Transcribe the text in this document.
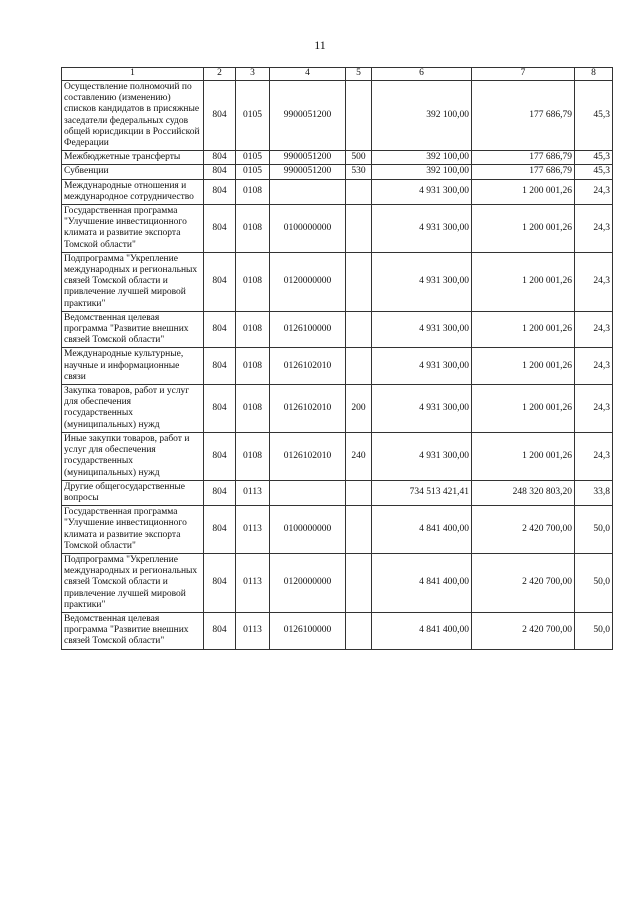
11
1	2	3	4	5	6	7	8
Осуществление полномочий по составлению (изменению) списков кандидатов в присяжные заседатели федеральных судов общей юрисдикции в Российской Федерации	804	0105	9900051200		392 100,00	177 686,79	45,3
Межбюджетные трансферты	804	0105	9900051200	500	392 100,00	177 686,79	45,3
Субвенции	804	0105	9900051200	530	392 100,00	177 686,79	45,3
Международные отношения и международное сотрудничество	804	0108			4 931 300,00	1 200 001,26	24,3
Государственная программа "Улучшение инвестиционного климата и развитие экспорта Томской области"	804	0108	0100000000		4 931 300,00	1 200 001,26	24,3
Подпрограмма "Укрепление международных и региональных связей Томской области и привлечение лучшей мировой практики"	804	0108	0120000000		4 931 300,00	1 200 001,26	24,3
Ведомственная целевая программа "Развитие внешних связей Томской области"	804	0108	0126100000		4 931 300,00	1 200 001,26	24,3
Международные культурные, научные и информационные связи	804	0108	0126102010		4 931 300,00	1 200 001,26	24,3
Закупка товаров, работ и услуг для обеспечения государственных (муниципальных) нужд	804	0108	0126102010	200	4 931 300,00	1 200 001,26	24,3
Иные закупки товаров, работ и услуг для обеспечения государственных (муниципальных) нужд	804	0108	0126102010	240	4 931 300,00	1 200 001,26	24,3
Другие общегосударственные вопросы	804	0113			734 513 421,41	248 320 803,20	33,8
Государственная программа "Улучшение инвестиционного климата и развитие экспорта Томской области"	804	0113	0100000000		4 841 400,00	2 420 700,00	50,0
Подпрограмма "Укрепление международных и региональных связей Томской области и привлечение лучшей мировой практики"	804	0113	0120000000		4 841 400,00	2 420 700,00	50,0
Ведомственная целевая программа "Развитие внешних связей Томской области"	804	0113	0126100000		4 841 400,00	2 420 700,00	50,0
